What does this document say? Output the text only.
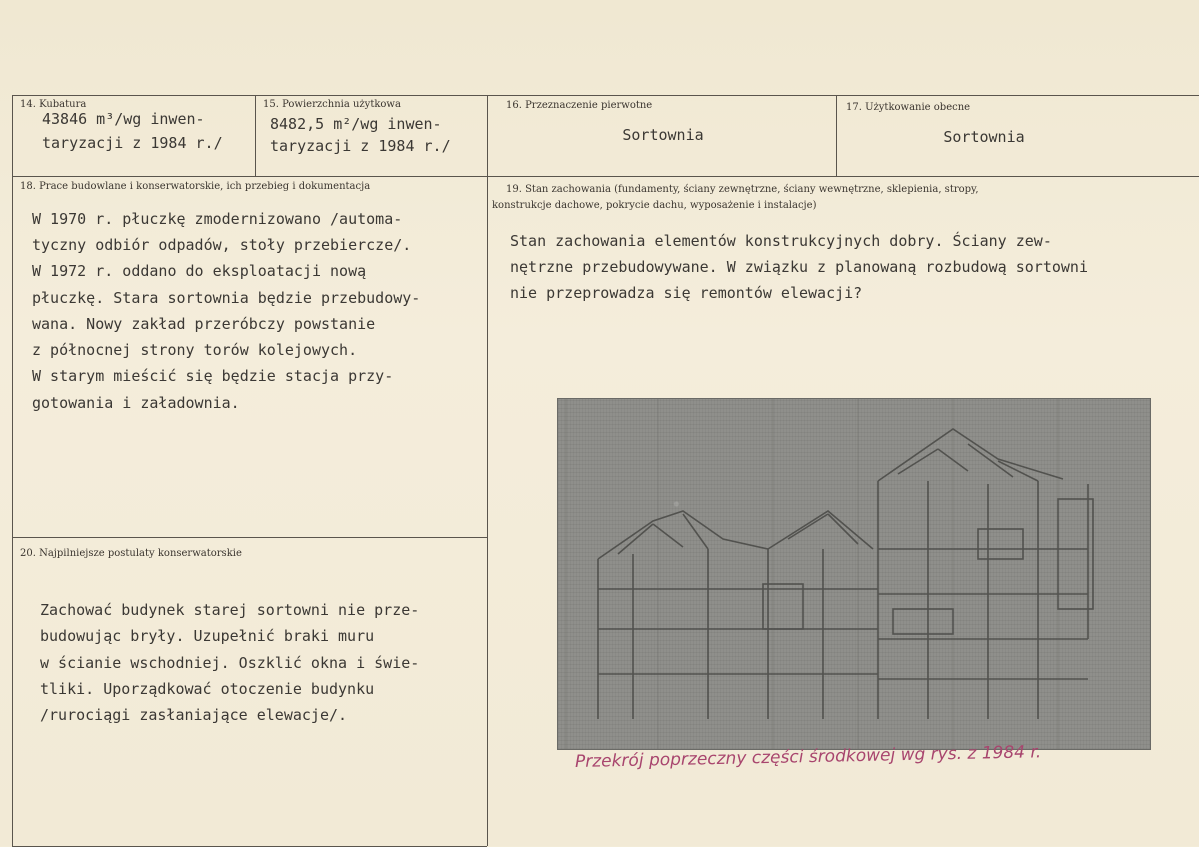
14. Kubatura
43846 m³/wg inwen-
taryzacji z 1984 r./
15. Powierzchnia użytkowa
8482,5 m²/wg inwen-
taryzacji z 1984 r./
16. Przeznaczenie pierwotne
Sortownia
17. Użytkowanie obecne
Sortownia
18. Prace budowlane i konserwatorskie, ich przebieg i dokumentacja
W 1970 r. płuczkę zmodernizowano /automa-
tyczny odbiór odpadów, stoły przebiercze/.
W 1972 r. oddano do eksploatacji nową
płuczkę. Stara sortownia będzie przebudowy-
wana. Nowy zakład przeróbczy powstanie
z północnej strony torów kolejowych.
W starym mieścić się będzie stacja przy-
gotowania i załadownia.
19. Stan zachowania (fundamenty, ściany zewnętrzne, ściany wewnętrzne, sklepienia, stropy,
konstrukcje dachowe, pokrycie dachu, wyposażenie i instalacje)
Stan zachowania elementów konstrukcyjnych dobry. Ściany zew-
nętrzne przebudowywane. W związku z planowaną rozbudową sortowni
nie przeprowadza się remontów elewacji?
Przekrój poprzeczny części środkowej wg rys. z 1984 r.
20. Najpilniejsze postulaty konserwatorskie
Zachować budynek starej sortowni nie prze-
budowując bryły. Uzupełnić braki muru
w ścianie wschodniej. Oszklić okna i świe-
tliki. Uporządkować otoczenie budynku
/rurociągi zasłaniające elewacje/.
